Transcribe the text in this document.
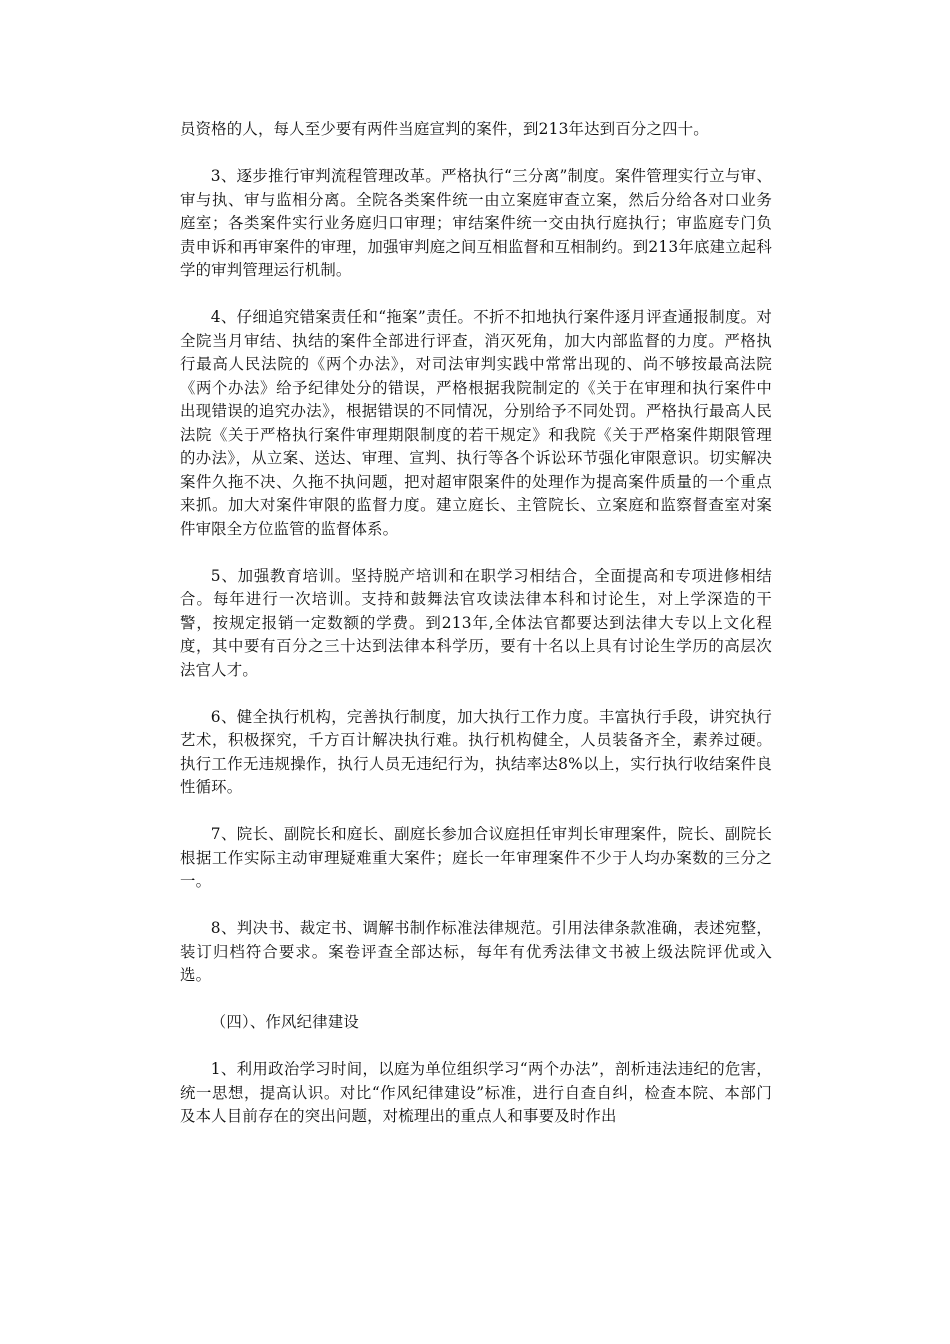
员资格的人，每人至少要有两件当庭宣判的案件，到213年达到百分之四十。

3、逐步推行审判流程管理改革。严格执行“三分离”制度。案件管理实行立与审、审与执、审与监相分离。全院各类案件统一由立案庭审查立案，然后分给各对口业务庭室；各类案件实行业务庭归口审理；审结案件统一交由执行庭执行；审监庭专门负责申诉和再审案件的审理，加强审判庭之间互相监督和互相制约。到213年底建立起科学的审判管理运行机制。

4、仔细追究错案责任和“拖案”责任。不折不扣地执行案件逐月评查通报制度。对全院当月审结、执结的案件全部进行评查，消灭死角，加大内部监督的力度。严格执行最高人民法院的《两个办法》，对司法审判实践中常常出现的、尚不够按最高法院《两个办法》给予纪律处分的错误，严格根据我院制定的《关于在审理和执行案件中出现错误的追究办法》，根据错误的不同情况，分别给予不同处罚。严格执行最高人民法院《关于严格执行案件审理期限制度的若干规定》和我院《关于严格案件期限管理的办法》，从立案、送达、审理、宣判、执行等各个诉讼环节强化审限意识。切实解决案件久拖不决、久拖不执问题，把对超审限案件的处理作为提高案件质量的一个重点来抓。加大对案件审限的监督力度。建立庭长、主管院长、立案庭和监察督查室对案件审限全方位监管的监督体系。

5、加强教育培训。坚持脱产培训和在职学习相结合，全面提高和专项进修相结合。每年进行一次培训。支持和鼓舞法官攻读法律本科和讨论生，对上学深造的干警，按规定报销一定数额的学费。到213年,全体法官都要达到法律大专以上文化程度，其中要有百分之三十达到法律本科学历，要有十名以上具有讨论生学历的高层次法官人才。

6、健全执行机构，完善执行制度，加大执行工作力度。丰富执行手段，讲究执行艺术，积极探究，千方百计解决执行难。执行机构健全，人员装备齐全，素养过硬。执行工作无违规操作，执行人员无违纪行为，执结率达8%以上，实行执行收结案件良性循环。

7、院长、副院长和庭长、副庭长参加合议庭担任审判长审理案件，院长、副院长根据工作实际主动审理疑难重大案件；庭长一年审理案件不少于人均办案数的三分之一。

8、判决书、裁定书、调解书制作标准法律规范。引用法律条款准确，表述宛整，装订归档符合要求。案卷评查全部达标，每年有优秀法律文书被上级法院评优或入选。

（四）、作风纪律建设

1、利用政治学习时间，以庭为单位组织学习“两个办法”，剖析违法违纪的危害，统一思想，提高认识。对比“作风纪律建设”标准，进行自查自纠，检查本院、本部门及本人目前存在的突出问题，对梳理出的重点人和事要及时作出
